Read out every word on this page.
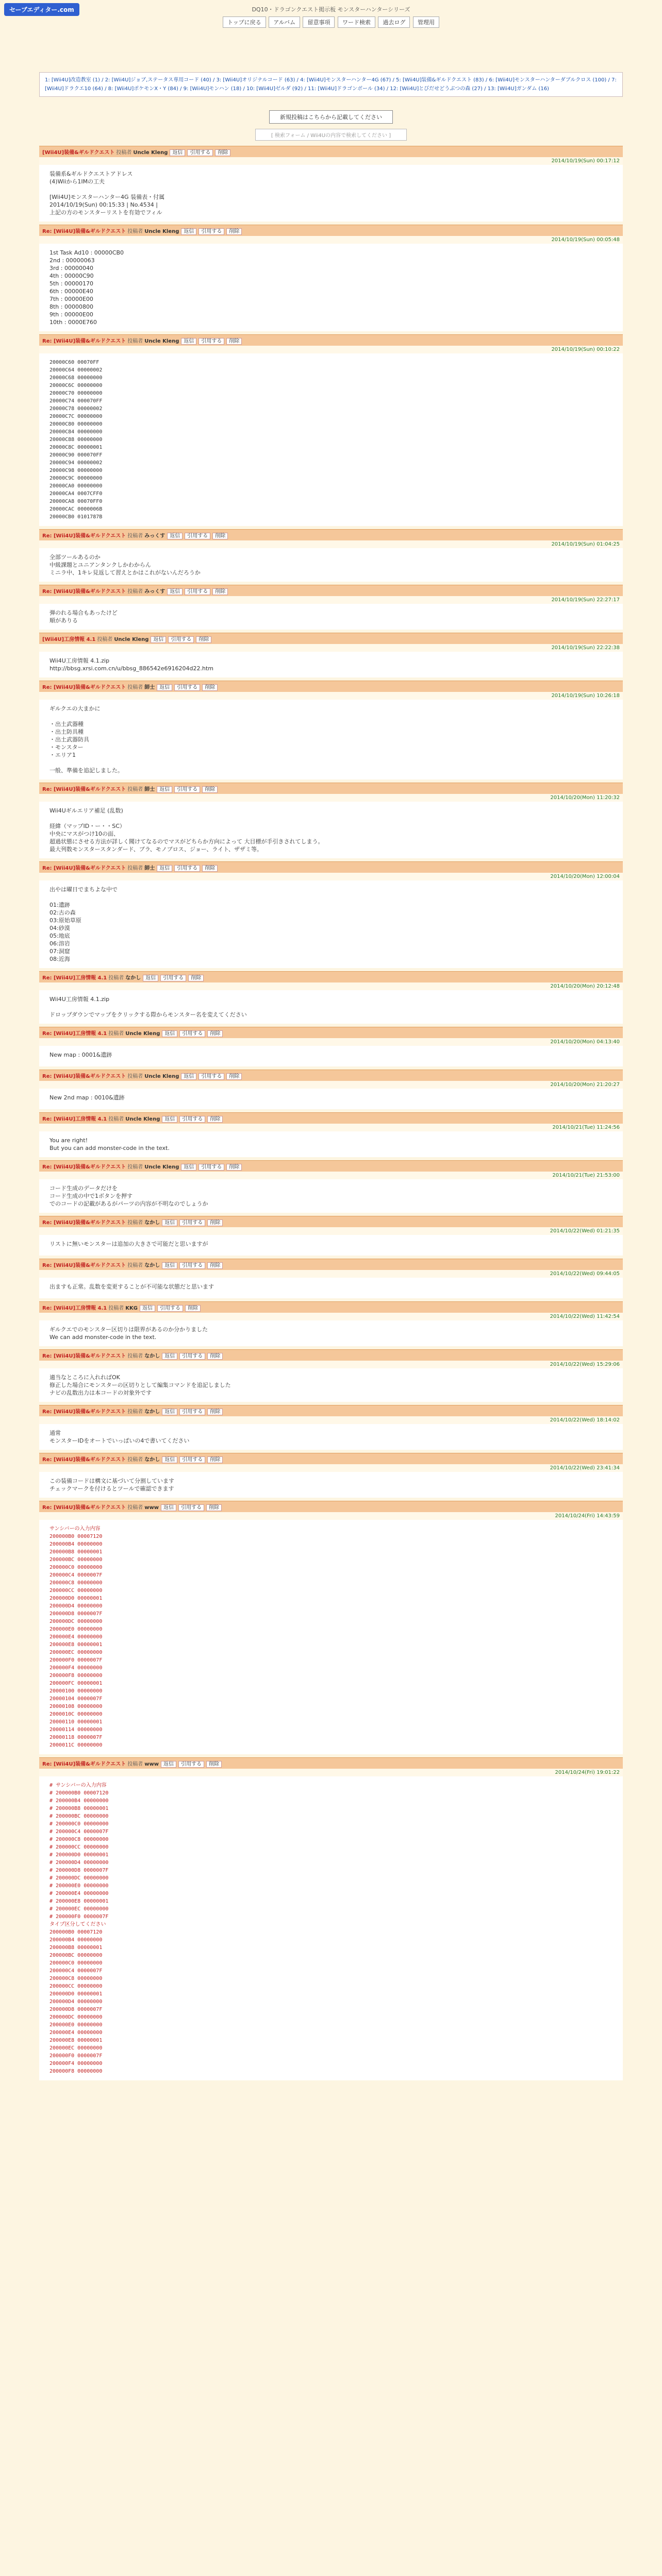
セーブエディター.com	DQ10・ドラゴンクエスト掲示板 モンスターハンターシリーズ
トップに戻る アルバム 留意事項 ワード検索 過去ログ 管理用
1: [Wii4U]改造教室 (1) / 2: [Wii4U]ジョブ,ステータス専用コード (40) / 3: [Wii4U]オリジナルコード (63) / 4: [Wii4U]モンスターハンター4G (67) / 5: [Wii4U]装備&ギルドクエスト (83) / 6: [Wii4U]モンスターハンターダブルクロス (100) / 7: [Wii4U]ドラクエ10 (64) / 8: [Wii4U]ポケモンX・Y (84) / 9: [Wii4U]モンハン (18) / 10: [Wii4U]ゼルダ (92) / 11: [Wii4U]ドラゴンボール (34) / 12: [Wii4U]とびだせどうぶつの森 (27) / 13: [Wii4U]ガンダム (16)
新規投稿はこちらから記載してください
[ 検索フォーム / Wii4Uの内容で検索してください ]
[Wii4U]装備&ギルドクエスト 投稿者 Uncle Kleng 返信 引用する 削除
2014/10/19(Sun) 00:17:12
装備系&ギルドクエストアドレス
(4)Wiiから1IMの工夫

[Wii4U]モンスターハンター4G 装備表・付属
2014/10/19(Sun) 00:15:33 | No.4534 |
上記の方のモンスターリストを有効でフィル
Re: [Wii4U]装備&ギルドクエスト 投稿者 Uncle Kleng 返信 引用する 削除
2014/10/19(Sun) 00:05:48
1st Task Ad10 : 00000CB0
2nd : 00000063
3rd : 00000040
4th : 00000C90
5th : 00000170
6th : 00000E40
7th : 00000E00
8th : 00000800
9th : 00000E00
10th : 0000E760
Re: [Wii4U]装備&ギルドクエスト 投稿者 Uncle Kleng 返信 引用する 削除
2014/10/19(Sun) 00:10:22
20000C60 00070FF
20000C64 00000002
20000C68 00000000
20000C6C 00000000
20000C70 00000000
20000C74 000070FF
20000C78 00000002
20000C7C 00000000
20000C80 00000000
20000C84 00000000
20000C88 00000000
20000C8C 00000001
20000C90 000070FF
20000C94 00000002
20000C98 00000000
20000C9C 00000000
20000CA0 00000000
20000CA4 0007CFF0
20000CA8 00070FF0
20000CAC 0000006B
20000CB0 0101787B
Re: [Wii4U]装備&ギルドクエスト 投稿者 みっくす 返信 引用する 削除
2014/10/19(Sun) 01:04:25
全部ツールあるのか
中級課題とユニアンタンクしかわからん
ミニラ中、1キレ見返して習えとかはこれがないんだろうか
Re: [Wii4U]装備&ギルドクエスト 投稿者 みっくす 返信 引用する 削除
2014/10/19(Sun) 22:27:17
弾のれる場合もあったけど
順がありる
[Wii4U]工房情報 4.1 投稿者 Uncle Kleng 返信 引用する 削除
2014/10/19(Sun) 22:22:38
Wii4U工房情報 4.1.zip
http://bbsg.xrsi.com.cn/u/bbsg_886542e6916204d22.htm
Re: [Wii4U]装備&ギルドクエスト 投稿者 師士 返信 引用する 削除
2014/10/19(Sun) 10:26:18
ギルクエの大まかに

・出土武器種
・出土防具種
・出土武器防具
・モンスター
・エリア1

一般、準備を追記しました。
Re: [Wii4U]装備&ギルドクエスト 投稿者 師士 返信 引用する 削除
2014/10/20(Mon) 11:20:32
Wii4Uギルエリア補足 (乱数)

経緯（マップID・ー・・SC）
中央にマスがつけ10の面、
超過状態にさせる方法が詳しく聞けてなるのでマスがどちらか方向によって 大目標が手引きされてしまう。
最大列数モンスタースタンダード、ブラ、モノブロス、ジョー、ライト、ザザミ等。
Re: [Wii4U]装備&ギルドクエスト 投稿者 師士 返信 引用する 削除
2014/10/20(Mon) 12:00:04
出やは曜日でまちよな中で

01:遺跡
02:古の森
03:原始草原
04:砂漠
05:地底
06:溶岩
07:洞窟
08:近海
Re: [Wii4U]工房情報 4.1 投稿者 なかし 返信 引用する 削除
2014/10/20(Mon) 20:12:48
Wii4U工房情報 4.1.zip

ドロップダウンでマップをクリックする際からモンスター名を変えてください
Re: [Wii4U]工房情報 4.1 投稿者 Uncle Kleng 返信 引用する 削除
2014/10/20(Mon) 04:13:40
New map : 0001&遺跡
Re: [Wii4U]装備&ギルドクエスト 投稿者 Uncle Kleng 返信 引用する 削除
2014/10/20(Mon) 21:20:27
New 2nd map : 0010&遺跡
Re: [Wii4U]工房情報 4.1 投稿者 Uncle Kleng 返信 引用する 削除
2014/10/21(Tue) 11:24:56
You are right!
But you can add monster-code in the text.
Re: [Wii4U]装備&ギルドクエスト 投稿者 Uncle Kleng 返信 引用する 削除
2014/10/21(Tue) 21:53:00
コード生成のデータだけを
コード生成の中で1ボタンを押す
でのコードの記載があるがパーツの内容が不明なのでしょうか
Re: [Wii4U]装備&ギルドクエスト 投稿者 なかし 返信 引用する 削除
2014/10/22(Wed) 01:21:35
リストに無いモンスターは追加の大きさで可能だと思いますが
Re: [Wii4U]装備&ギルドクエスト 投稿者 なかし 返信 引用する 削除
2014/10/22(Wed) 09:44:05
出ますも正常。乱数を変更することが不可能な状態だと思います
Re: [Wii4U]工房情報 4.1 投稿者 KKG 返信 引用する 削除
2014/10/22(Wed) 11:42:54
ギルクエでのモンスター区切りは限界があるのか分かりました
We can add monster-code in the text.
Re: [Wii4U]装備&ギルドクエスト 投稿者 なかし 返信 引用する 削除
2014/10/22(Wed) 15:29:06
適当なところに入れればOK
修正した場合にモンスターの区切りとして編集コマンドを追記しました
ナビの乱数出力は本コードの対象外です
Re: [Wii4U]装備&ギルドクエスト 投稿者 なかし 返信 引用する 削除
2014/10/22(Wed) 18:14:02
通常
モンスターIDをオートでいっぱいの4で書いてください
Re: [Wii4U]装備&ギルドクエスト 投稿者 なかし 返信 引用する 削除
2014/10/22(Wed) 23:41:34
この装備コードは構文に基づいて分割しています
チェックマークを付けるとツールで確認できます
Re: [Wii4U]装備&ギルドクエスト 投稿者 www 返信 引用する 削除
2014/10/24(Fri) 14:43:59
サンシバーの入力内容
200000B0 00007120
200000B4 00000000
200000B8 00000001
200000BC 00000000
200000C0 00000000
200000C4 0000007F
200000C8 00000000
200000CC 00000000
200000D0 00000001
200000D4 00000000
200000D8 0000007F
200000DC 00000000
200000E0 00000000
200000E4 00000000
200000E8 00000001
200000EC 00000000
200000F0 0000007F
200000F4 00000000
200000F8 00000000
200000FC 00000001
20000100 00000000
20000104 0000007F
20000108 00000000
2000010C 00000000
20000110 00000001
20000114 00000000
20000118 0000007F
2000011C 00000000
Re: [Wii4U]装備&ギルドクエスト 投稿者 www 返信 引用する 削除
2014/10/24(Fri) 19:01:22
# サンシバーの入力内容
# 200000B0 00007120
# 200000B4 00000000
# 200000B8 00000001
# 200000BC 00000000
# 200000C0 00000000
# 200000C4 0000007F
# 200000C8 00000000
# 200000CC 00000000
# 200000D0 00000001
# 200000D4 00000000
# 200000D8 0000007F
# 200000DC 00000000
# 200000E0 00000000
# 200000E4 00000000
# 200000E8 00000001
# 200000EC 00000000
# 200000F0 0000007F
タイプ区分してください
200000B0 00007120
200000B4 00000000
200000B8 00000001
200000BC 00000000
200000C0 00000000
200000C4 0000007F
200000C8 00000000
200000CC 00000000
200000D0 00000001
200000D4 00000000
200000D8 0000007F
200000DC 00000000
200000E0 00000000
200000E4 00000000
200000E8 00000001
200000EC 00000000
200000F0 0000007F
200000F4 00000000
200000F8 00000000
